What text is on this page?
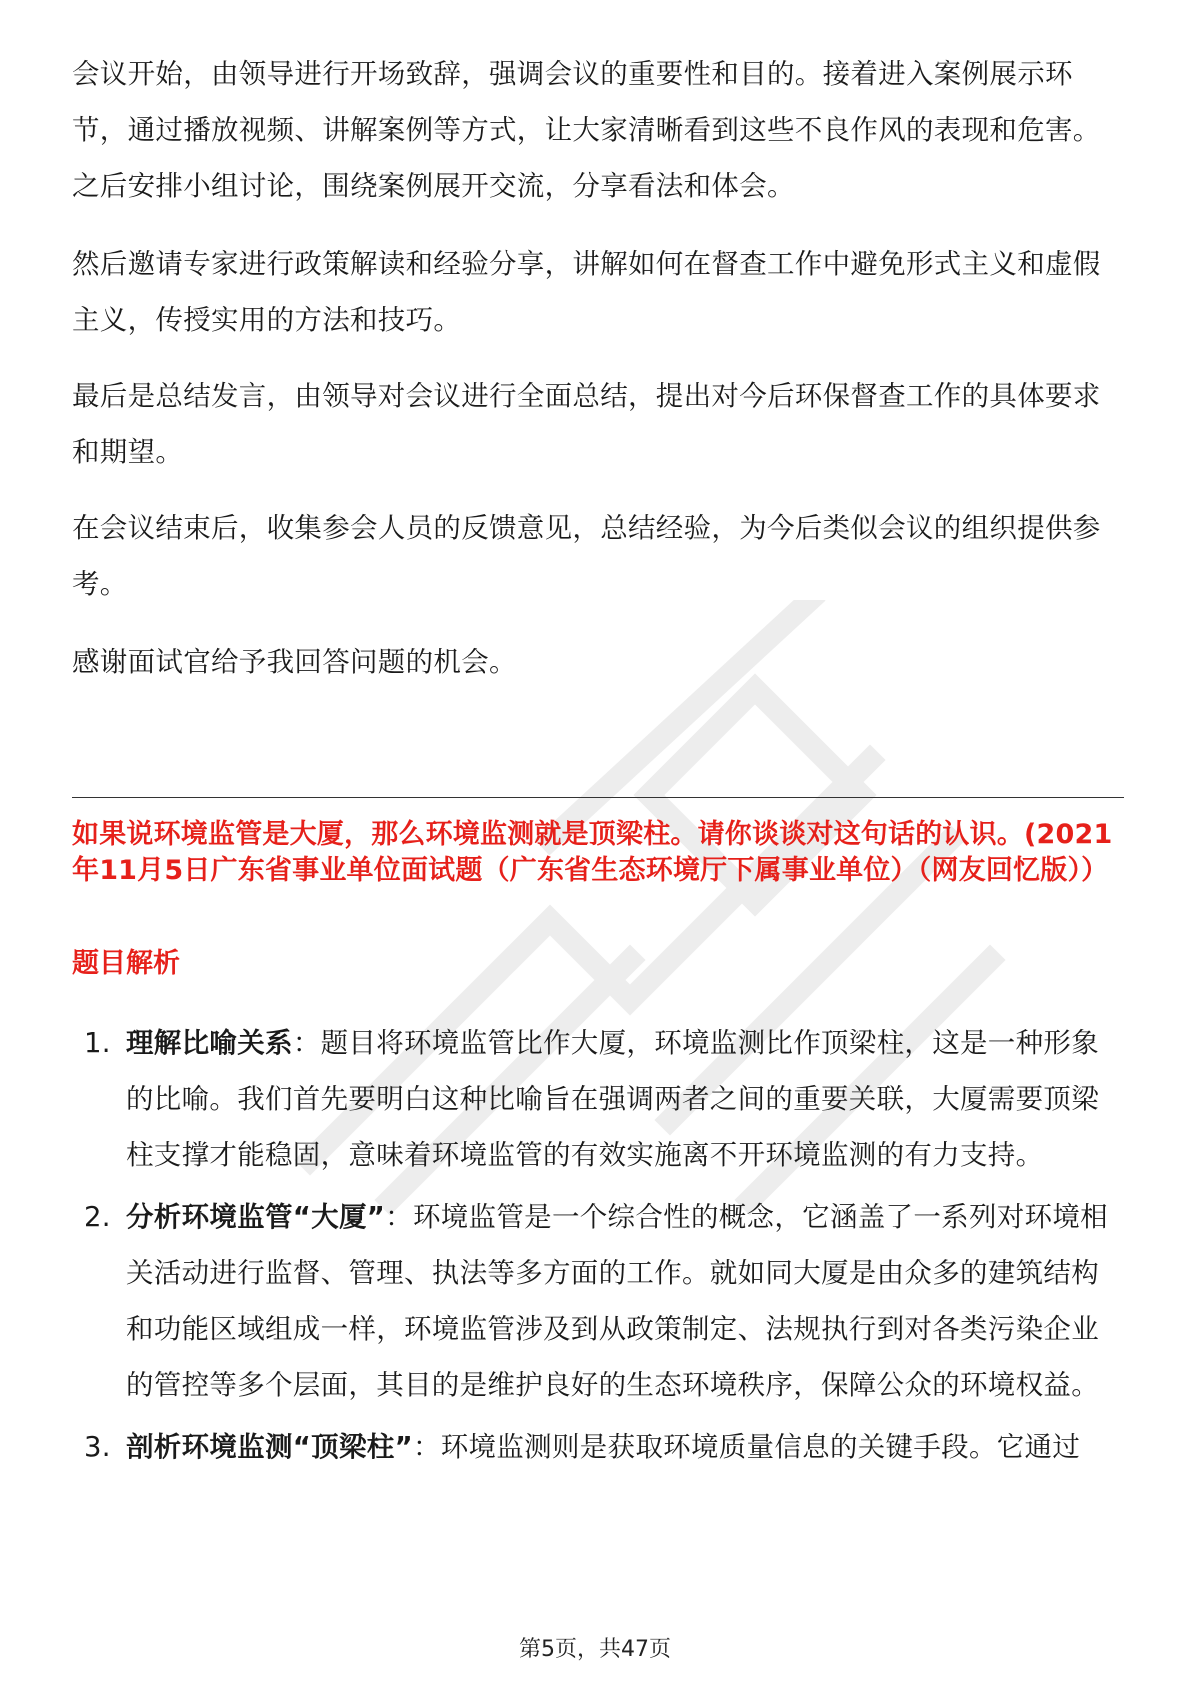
会议开始，由领导进行开场致辞，强调会议的重要性和目的。接着进入案例展示环节，通过播放视频、讲解案例等方式，让大家清晰看到这些不良作风的表现和危害。之后安排小组讨论，围绕案例展开交流，分享看法和体会。

然后邀请专家进行政策解读和经验分享，讲解如何在督查工作中避免形式主义和虚假主义，传授实用的方法和技巧。

最后是总结发言，由领导对会议进行全面总结，提出对今后环保督查工作的具体要求和期望。

在会议结束后，收集参会人员的反馈意见，总结经验，为今后类似会议的组织提供参考。

感谢面试官给予我回答问题的机会。

如果说环境监管是大厦，那么环境监测就是顶梁柱。请你谈谈对这句话的认识。(2021年11月5日广东省事业单位面试题（广东省生态环境厅下属事业单位）（网友回忆版））

题目解析

1. 理解比喻关系：题目将环境监管比作大厦，环境监测比作顶梁柱，这是一种形象的比喻。我们首先要明白这种比喻旨在强调两者之间的重要关联，大厦需要顶梁柱支撑才能稳固，意味着环境监管的有效实施离不开环境监测的有力支持。
2. 分析环境监管“大厦”：环境监管是一个综合性的概念，它涵盖了一系列对环境相关活动进行监督、管理、执法等多方面的工作。就如同大厦是由众多的建筑结构和功能区域组成一样，环境监管涉及到从政策制定、法规执行到对各类污染企业的管控等多个层面，其目的是维护良好的生态环境秩序，保障公众的环境权益。
3. 剖析环境监测“顶梁柱”：环境监测则是获取环境质量信息的关键手段。它通过
第5页，共47页
